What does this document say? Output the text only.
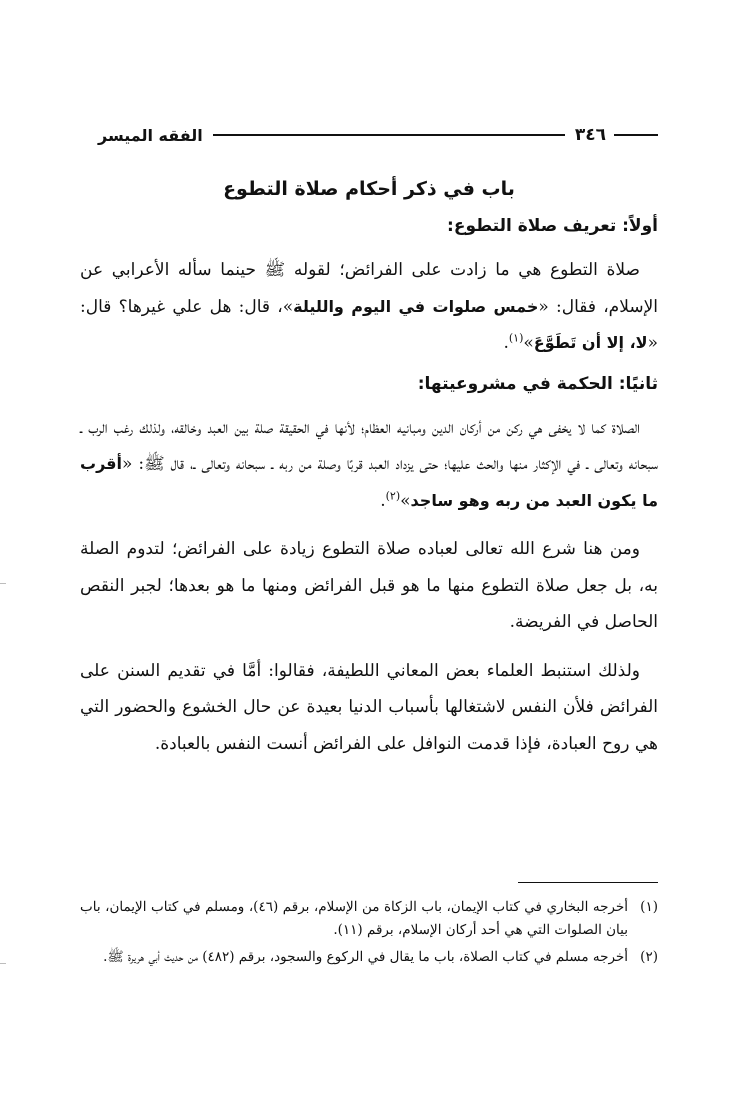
٣٤٦
الفقه الميسر
باب في ذكر أحكام صلاة التطوع
أولاً: تعريف صلاة التطوع:

صلاة التطوع هي ما زادت على الفرائض؛ لقوله ﷺ حينما سأله الأعرابي عن الإسلام، فقال: «خمس صلوات في اليوم والليلة»، قال: هل علي غيرها؟ قال: «لا، إلا أن تَطَوَّعَ»$^{(١)}$.

ثانيًا: الحكمة في مشروعيتها:

الصلاة كما لا يخفى هي ركن من أركان الدين ومبانيه العظام؛ لأنها في الحقيقة صلة بين العبد وخالقه، ولذلك رغب الرب ـ سبحانه وتعالى ـ في الإكثار منها والحث عليها؛ حتى يزداد العبد قربًا وصلة من ربه ـ سبحانه وتعالى ـ، قال ﷺ: «أقرب ما يكون العبد من ربه وهو ساجد»$^{(٢)}$.

ومن هنا شرع الله تعالى لعباده صلاة التطوع زيادة على الفرائض؛ لتدوم الصلة به، بل جعل صلاة التطوع منها ما هو قبل الفرائض ومنها ما هو بعدها؛ لجبر النقص الحاصل في الفريضة.

ولذلك استنبط العلماء بعض المعاني اللطيفة، فقالوا: أمَّا في تقديم السنن على الفرائض فلأن النفس لاشتغالها بأسباب الدنيا بعيدة عن حال الخشوع والحضور التي هي روح العبادة، فإذا قدمت النوافل على الفرائض أنست النفس بالعبادة.

(١)أخرجه البخاري في كتاب الإيمان، باب الزكاة من الإسلام، برقم (٤٦)، ومسلم في كتاب الإيمان، باب بيان الصلوات التي هي أحد أركان الإسلام، برقم (١١).
(٢)أخرجه مسلم في كتاب الصلاة، باب ما يقال في الركوع والسجود، برقم (٤٨٢) من حديث أبي هريرة ﷺ.
